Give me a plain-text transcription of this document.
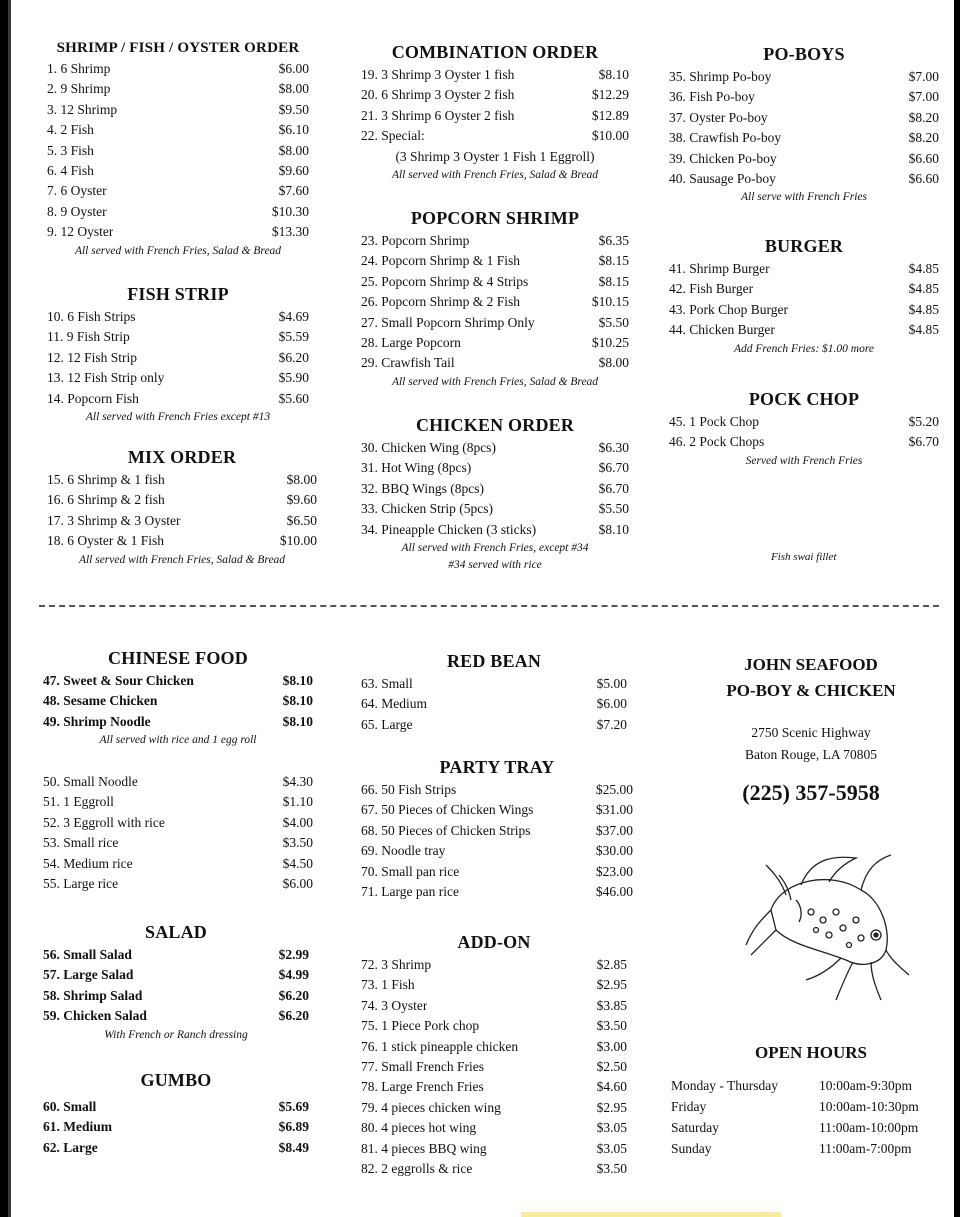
SHRIMP / FISH / OYSTER ORDER
1. 6 Shrimp	$6.00
2. 9 Shrimp	$8.00
3. 12 Shrimp	$9.50
4. 2 Fish	$6.10
5. 3 Fish	$8.00
6. 4 Fish	$9.60
7. 6 Oyster	$7.60
8. 9 Oyster	$10.30
9. 12 Oyster	$13.30
All served with French Fries, Salad & Bread
FISH STRIP
10. 6 Fish Strips	$4.69
11. 9 Fish Strip	$5.59
12. 12 Fish Strip	$6.20
13. 12 Fish Strip only	$5.90
14. Popcorn Fish	$5.60
All served with French Fries except #13
MIX ORDER
15. 6 Shrimp & 1 fish	$8.00
16. 6 Shrimp & 2 fish	$9.60
17. 3 Shrimp & 3 Oyster	$6.50
18. 6 Oyster & 1 Fish	$10.00
All served with French Fries, Salad & Bread
COMBINATION ORDER
19. 3 Shrimp 3 Oyster 1 fish	$8.10
20. 6 Shrimp 3 Oyster 2 fish	$12.29
21. 3 Shrimp 6 Oyster 2 fish	$12.89
22. Special:	$10.00
(3 Shrimp 3 Oyster 1 Fish 1 Eggroll)
All served with French Fries, Salad & Bread
POPCORN SHRIMP
23. Popcorn Shrimp	$6.35
24. Popcorn Shrimp & 1 Fish	$8.15
25. Popcorn Shrimp & 4 Strips	$8.15
26. Popcorn Shrimp & 2 Fish	$10.15
27. Small Popcorn Shrimp Only	$5.50
28. Large Popcorn	$10.25
29. Crawfish Tail	$8.00
All served with French Fries, Salad & Bread
CHICKEN ORDER
30. Chicken Wing (8pcs)	$6.30
31. Hot Wing (8pcs)	$6.70
32. BBQ Wings (8pcs)	$6.70
33. Chicken Strip (5pcs)	$5.50
34. Pineapple Chicken (3 sticks)	$8.10
All served with French Fries, except #34
#34 served with rice
PO-BOYS
35. Shrimp Po-boy	$7.00
36. Fish Po-boy	$7.00
37. Oyster Po-boy	$8.20
38. Crawfish Po-boy	$8.20
39. Chicken Po-boy	$6.60
40. Sausage Po-boy	$6.60
All serve with French Fries
BURGER
41. Shrimp Burger	$4.85
42. Fish Burger	$4.85
43. Pork Chop Burger	$4.85
44. Chicken Burger	$4.85
Add French Fries: $1.00 more
POCK CHOP
45. 1 Pock Chop	$5.20
46. 2 Pock Chops	$6.70
Served with French Fries
Fish swai fillet
CHINESE FOOD
47. Sweet & Sour Chicken	$8.10
48. Sesame Chicken	$8.10
49. Shrimp Noodle	$8.10
All served with rice and 1 egg roll
50. Small Noodle	$4.30
51. 1 Eggroll	$1.10
52. 3 Eggroll with rice	$4.00
53. Small rice	$3.50
54. Medium rice	$4.50
55. Large rice	$6.00
SALAD
56. Small Salad	$2.99
57. Large Salad	$4.99
58. Shrimp Salad	$6.20
59. Chicken Salad	$6.20
With French or Ranch dressing
GUMBO
60. Small	$5.69
61. Medium	$6.89
62. Large	$8.49
RED BEAN
63. Small	$5.00
64. Medium	$6.00
65. Large	$7.20
PARTY TRAY
66. 50 Fish Strips	$25.00
67. 50 Pieces of Chicken Wings	$31.00
68. 50 Pieces of Chicken Strips	$37.00
69. Noodle tray	$30.00
70. Small pan rice	$23.00
71. Large pan rice	$46.00
ADD-ON
72. 3 Shrimp	$2.85
73. 1 Fish	$2.95
74. 3 Oyster	$3.85
75. 1 Piece Pork chop	$3.50
76. 1 stick pineapple chicken	$3.00
77. Small French Fries	$2.50
78. Large French Fries	$4.60
79. 4 pieces chicken wing	$2.95
80. 4 pieces hot wing	$3.05
81. 4 pieces BBQ wing	$3.05
82. 2 eggrolls & rice	$3.50
JOHN SEAFOOD
PO-BOY & CHICKEN
2750 Scenic Highway
Baton Rouge, LA 70805
(225) 357-5958
OPEN HOURS
Monday - Thursday	10:00am-9:30pm
Friday	10:00am-10:30pm
Saturday	11:00am-10:00pm
Sunday	11:00am-7:00pm
